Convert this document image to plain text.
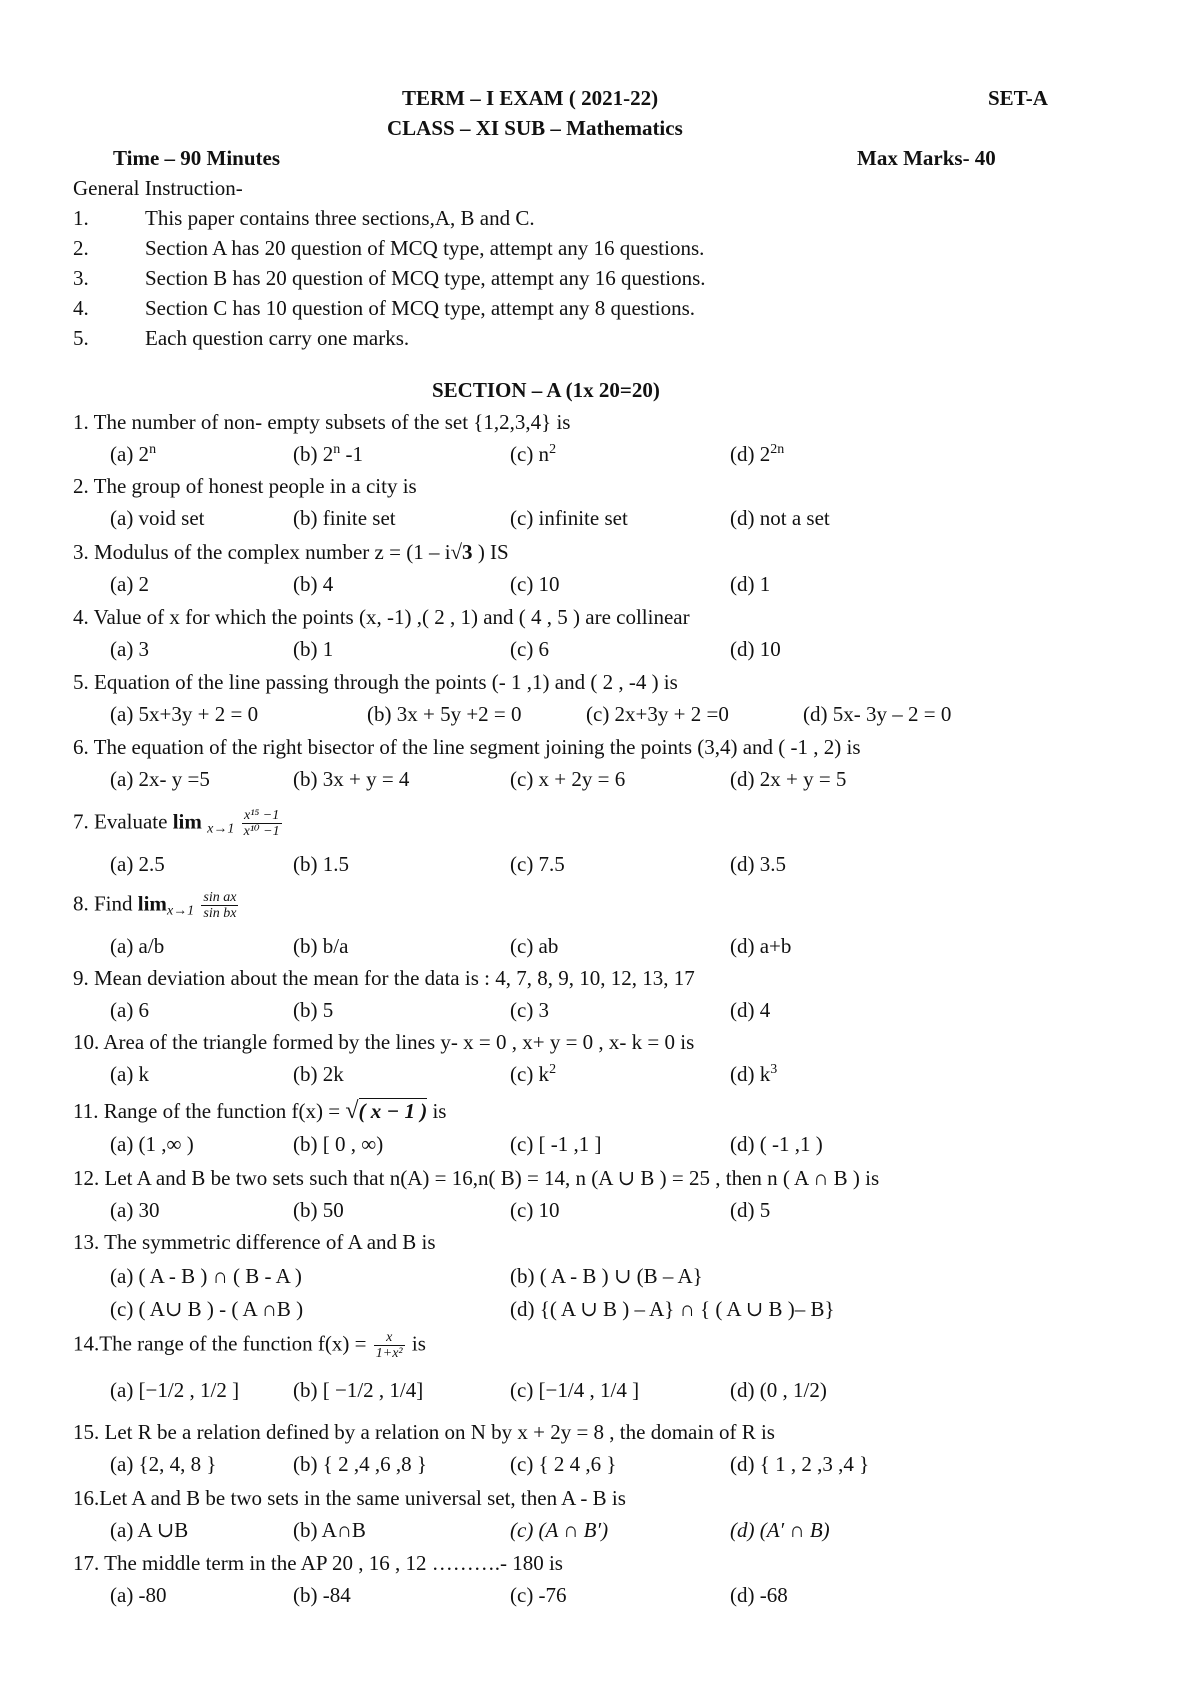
TERM – I EXAM ( 2021-22)	SET-A
CLASS – XI SUB – Mathematics
Time – 90 Minutes	Max Marks- 40
General Instruction-
1.	This paper contains three sections,A, B and C.
2.	Section A has 20 question of MCQ type, attempt any 16 questions.
3.	Section B has 20 question of MCQ type, attempt any 16 questions.
4.	Section C has 10 question of MCQ type, attempt any 8 questions.
5.	Each question carry one marks.
SECTION – A (1x 20=20)
1. The number of non- empty subsets of the set {1,2,3,4} is
(a) 2$^n$	(b) 2$^n$ -1	(c) $n^2$	(d) $2^{2n}$
2. The group of honest people in a city is
(a) void set	(b) finite set	(c) infinite set	(d) not a set
3. Modulus of the complex number z = (1 – i√3 ) IS
(a) 2	(b) 4	(c) 10	(d) 1
4. Value of x for which the points (x, -1) ,( 2 , 1) and ( 4 , 5 ) are collinear
(a) 3	(b) 1	(c) 6	(d) 10
5. Equation of the line passing through the points (- 1 ,1) and ( 2 , -4 ) is
(a) 5x+3y + 2 = 0	(b) 3x + 5y +2 = 0	(c) 2x+3y + 2 =0	(d) 5x- 3y – 2 = 0
6. The equation of the right bisector of the line segment joining the points (3,4) and ( -1 , 2) is
(a) 2x- y =5	(b) 3x + y = 4	(c) x + 2y = 6	(d) 2x + y = 5
7. Evaluate $\lim _{x\to 1} \frac{\text{x¹⁵ −1}}{\text{x¹⁰ −1}}$
(a) 2.5	(b) 1.5	(c) 7.5	(d) 3.5
8. Find $\lim_{x\to 1} \frac{\text{sin ax}}{\text{sin bx}}$
(a) a/b	(b) b/a	(c) ab	(d) a+b
9. Mean deviation about the mean for the data is : 4, 7, 8, 9, 10, 12, 13, 17
(a) 6	(b) 5	(c) 3	(d) 4
10. Area of the triangle formed by the lines y- x = 0 , x+ y = 0 , x- k = 0 is
(a) k	(b) 2k	(c) $k^2$	(d) $k^3$
11. Range of the function f(x) = √( x − 1 ) is
(a) (1 ,∞ )	(b) [ 0 , ∞)	(c) [ -1 ,1 ]	(d) ( -1 ,1 )
12. Let A and B be two sets such that n(A) = 16,n( B) = 14, n (A ∪ B ) = 25 , then n ( A ∩ B ) is
(a) 30	(b) 50	(c) 10	(d) 5
13. The symmetric difference of A and B is
(a) ( A - B ) ∩ ( B - A )	(b) ( A - B ) ∪ (B – A}
(c) ( A∪ B ) - ( A ∩B )	(d) {( A ∪ B ) – A} ∩ { ( A ∪ B )– B}
14.The range of the function $f(x) = \frac{x}{\text{1+x²}}$ is
(a) [−1/2 , 1/2 ]	(b) [ −1/2 , 1/4]	(c) [−1/4 , 1/4 ]	(d) (0 , 1/2)
15. Let R be a relation defined by a relation on N by x + 2y = 8 , the domain of R is
(a) {2, 4, 8 }	(b) { 2 ,4 ,6 ,8 }	(c) { 2 4 ,6 }	(d) { 1 , 2 ,3 ,4 }
16.Let A and B be two sets in the same universal set, then A - B is
(a) A ∪B	(b) A∩B	(c) (A ∩ B′)	(d) (A′ ∩ B)
17. The middle term in the AP 20 , 16 , 12 ……….- 180 is
(a) -80	(b) -84	(c) -76	(d) -68
